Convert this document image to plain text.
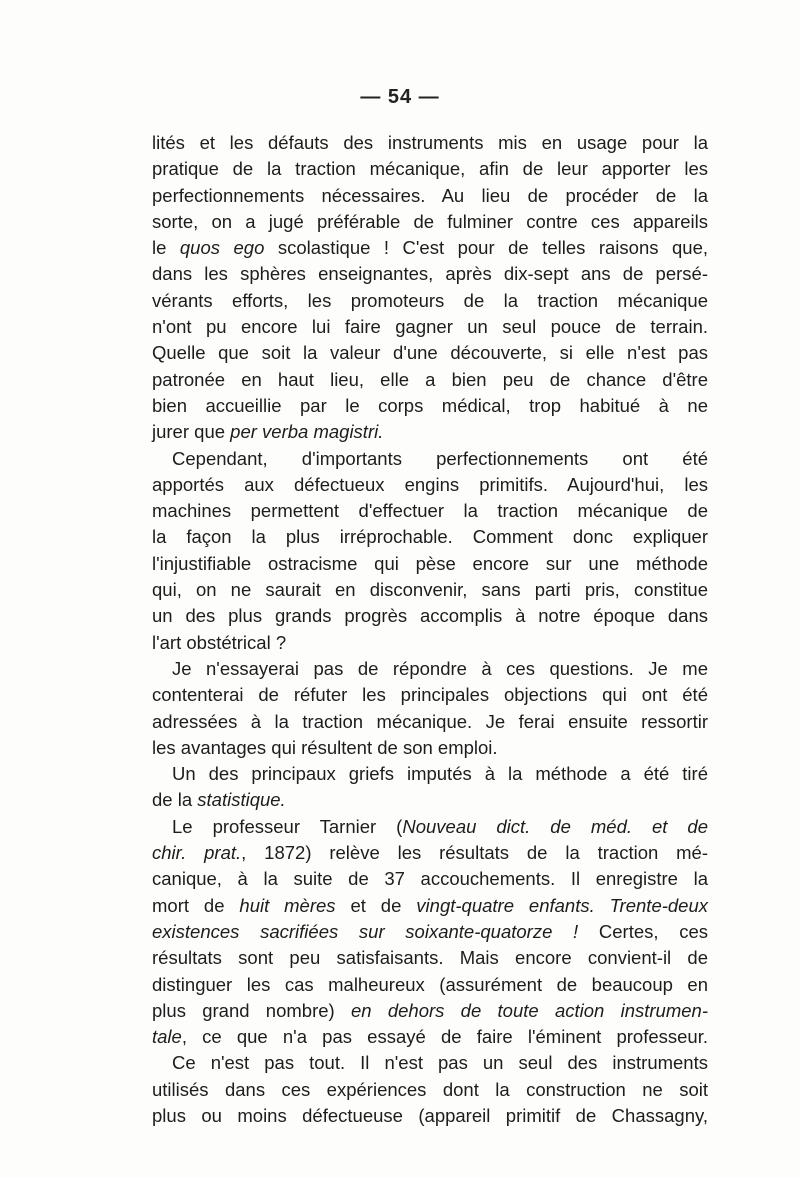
— 54 —
lités et les défauts des instruments mis en usage pour la
pratique de la traction mécanique, afin de leur apporter les
perfectionnements nécessaires. Au lieu de procéder de la
sorte, on a jugé préférable de fulminer contre ces appareils
le quos ego scolastique ! C'est pour de telles raisons que,
dans les sphères enseignantes, après dix-sept ans de persé-
vérants efforts, les promoteurs de la traction mécanique
n'ont pu encore lui faire gagner un seul pouce de terrain.
Quelle que soit la valeur d'une découverte, si elle n'est pas
patronée en haut lieu, elle a bien peu de chance d'être
bien accueillie par le corps médical, trop habitué à ne
jurer que per verba magistri.
Cependant, d'importants perfectionnements ont été
apportés aux défectueux engins primitifs. Aujourd'hui, les
machines permettent d'effectuer la traction mécanique de
la façon la plus irréprochable. Comment donc expliquer
l'injustifiable ostracisme qui pèse encore sur une méthode
qui, on ne saurait en disconvenir, sans parti pris, constitue
un des plus grands progrès accomplis à notre époque dans
l'art obstétrical ?
Je n'essayerai pas de répondre à ces questions. Je me
contenterai de réfuter les principales objections qui ont été
adressées à la traction mécanique. Je ferai ensuite ressortir
les avantages qui résultent de son emploi.
Un des principaux griefs imputés à la méthode a été tiré
de la statistique.
Le professeur Tarnier (Nouveau dict. de méd. et de
chir. prat., 1872) relève les résultats de la traction mé-
canique, à la suite de 37 accouchements. Il enregistre la
mort de huit mères et de vingt-quatre enfants. Trente-deux
existences sacrifiées sur soixante-quatorze ! Certes, ces
résultats sont peu satisfaisants. Mais encore convient-il de
distinguer les cas malheureux (assurément de beaucoup en
plus grand nombre) en dehors de toute action instrumen-
tale, ce que n'a pas essayé de faire l'éminent professeur.
Ce n'est pas tout. Il n'est pas un seul des instruments
utilisés dans ces expériences dont la construction ne soit
plus ou moins défectueuse (appareil primitif de Chassagny,
